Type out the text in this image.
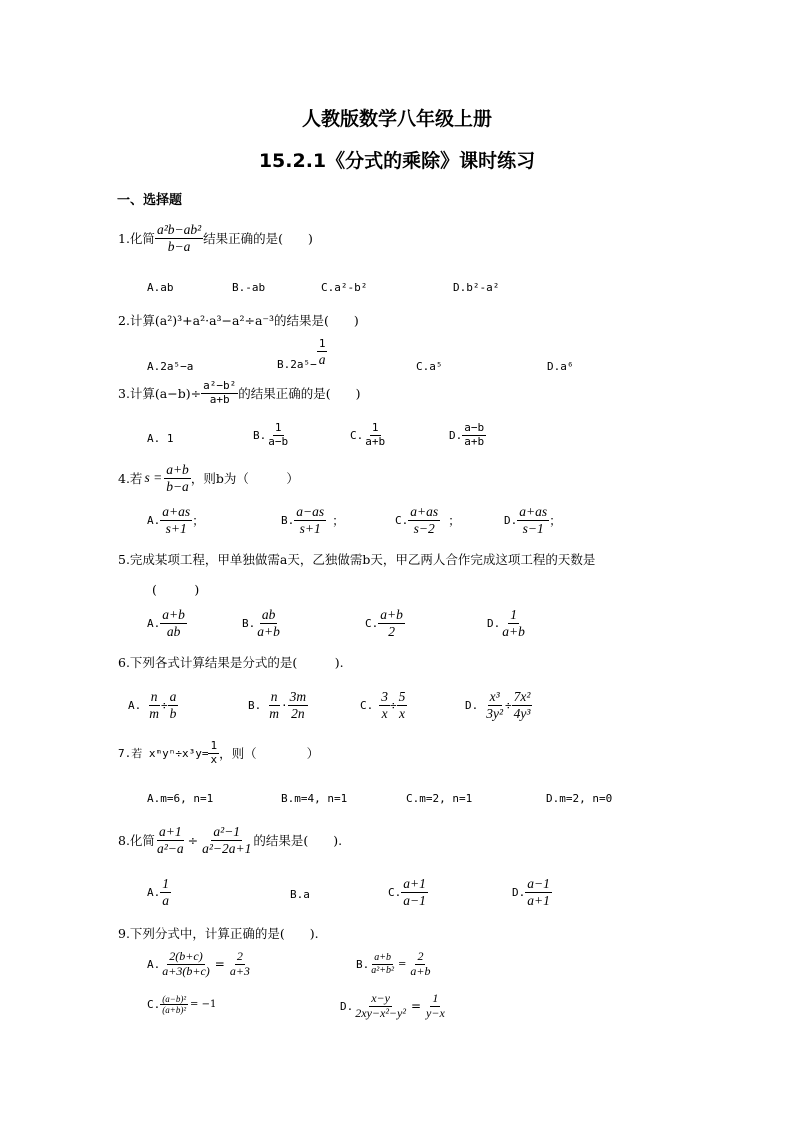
人教版数学八年级上册
15.2.1《分式的乘除》课时练习
一、选择题
1.化简 $\frac{\text{a²b−ab²}}{b-a}$ 结果正确的是(　　)
A.ab	B.-ab	C.a²-b²	D.b²-a²
2.计算(a²)³+a²·a³−a²÷a⁻³的结果是(　　)
A.2a⁵−a	$B.2a^5- \frac{1}{a}$	C.a⁵	D.a⁶
3.计算$(a-b)\div \frac{\text{a²−b²}}{a+b}$ 的结果正确的是(　　)
A. 1	B. $\frac{1}{a-b}$	C. $\frac{1}{a+b}$	D. $\frac{a-b}{a+b}$
4.若 $s = \frac{a+b}{b-a}$ ，则b为（　　　）
A. $\frac{a+as}{s+1}$ ；	B. $\frac{a-as}{s+1}$ ；	C. $\frac{a+as}{s-2}$ ；	D. $\frac{a+as}{s-1}$ ；
5.完成某项工程，甲单独做需a天，乙独做需b天，甲乙两人合作完成这项工程的天数是
(　　　)
A. $\frac{a+b}{ab}$	B. $\frac{ab}{a+b}$	C. $\frac{a+b}{2}$	D. $\frac{1}{a+b}$
6.下列各式计算结果是分式的是(　　　).
A. $\frac{n}{m} \div \frac{a}{b}$	B. $\frac{n}{m} \cdot \frac{3m}{2n}$	C. $\frac{3}{x} \div \frac{5}{x}$	D. $\frac{\text{x³}}{\text{3y²}} \div \frac{\text{7x²}}{\text{4y³}}$
7.若 xᵐyⁿ÷x³y= $\frac{1}{x}$ ，则（　　　　）
A.m=6, n=1	B.m=4, n=1	C.m=2, n=1	D.m=2, n=0
8.化简 $\frac{a+1}{\text{a²−a}} \div \frac{\text{a²−1}}{\text{a²−2a+1}}$ 的结果是(　　).
A. $\frac{1}{a}$	B.a	C. $\frac{a+1}{a-1}$	D. $\frac{a-1}{a+1}$
9.下列分式中，计算正确的是(　　).
A. $\frac{2(b+c)}{a+3(b+c)} = \frac{2}{a+3}$	B. $\frac{a+b}{\text{a²+b²}} = \frac{2}{a+b}$
C. $\frac{\text{(a−b)²}}{\text{(a+b)²}} = -1$	D. $\frac{x-y}{\text{2xy−x²−y²}} = \frac{1}{y-x}$
